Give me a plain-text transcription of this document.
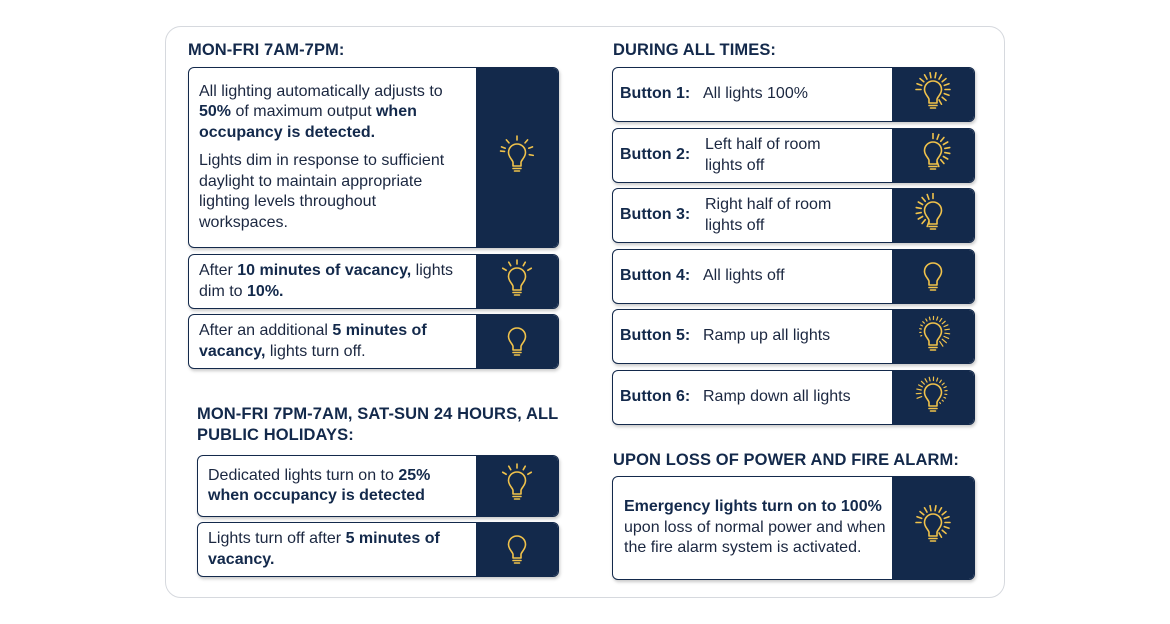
MON-FRI 7AM-7PM:
All lighting automatically adjusts to 50% of maximum output when occupancy is detected.
Lights dim in response to sufficient daylight to maintain appropriate lighting levels throughout workspaces.
After 10 minutes of vacancy, lights dim to 10%.
After an additional 5 minutes of vacancy, lights turn off.
MON-FRI 7PM-7AM, SAT-SUN 24 HOURS, ALL PUBLIC HOLIDAYS:
Dedicated lights turn on to 25% when occupancy is detected
Lights turn off after 5 minutes of vacancy.
DURING ALL TIMES:
Button 1: All lights 100%
Button 2:
Left half of room lights off
Button 3:
Right half of room lights off
Button 4: All lights off
Button 5: Ramp up all lights
Button 6: Ramp down all lights
UPON LOSS OF POWER AND FIRE ALARM:
Emergency lights turn on to 100% upon loss of normal power and when the fire alarm system is activated.
